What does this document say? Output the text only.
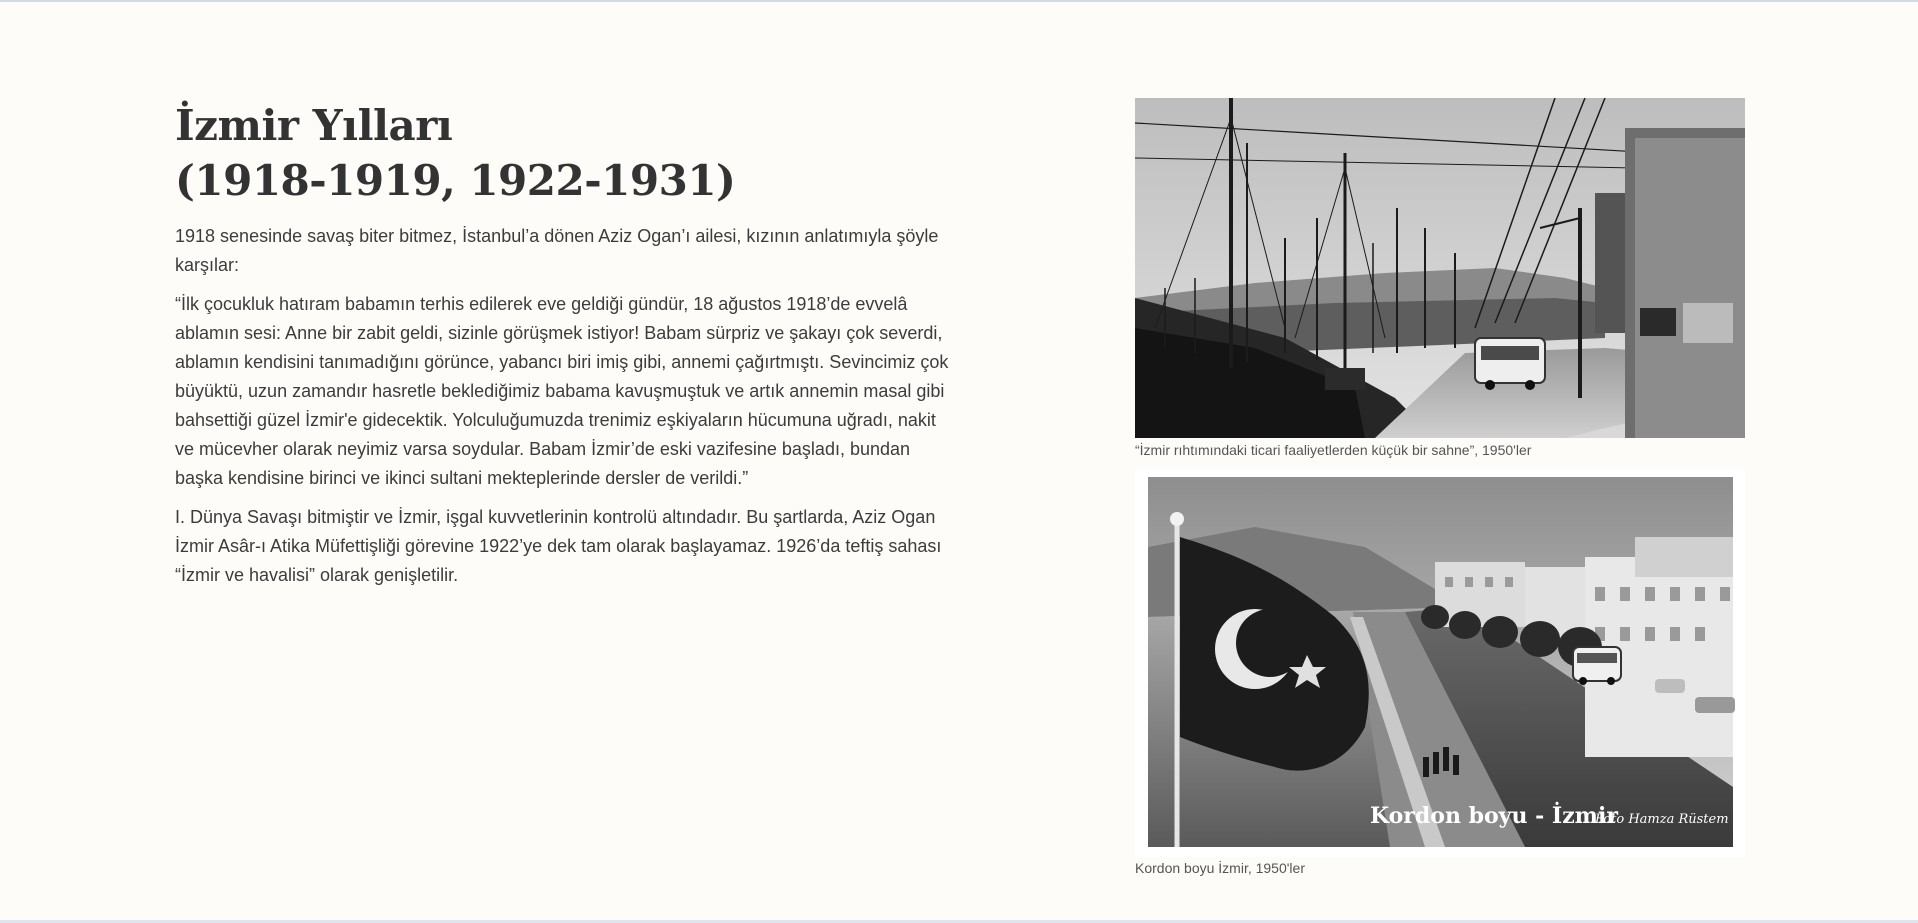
İzmir Yılları
(1918-1919, 1922-1931)

1918 senesinde savaş biter bitmez, İstanbul’a dönen Aziz Ogan’ı ailesi, kızının anlatımıyla şöyle karşılar:

“İlk çocukluk hatıram babamın terhis edilerek eve geldiği gündür, 18 ağustos 1918’de evvelâ ablamın sesi: Anne bir zabit geldi, sizinle görüşmek istiyor! Babam sürpriz ve şakayı çok severdi, ablamın kendisini tanımadığını görünce, yabancı biri imiş gibi, annemi çağırtmıştı. Sevincimiz çok büyüktü, uzun zamandır hasretle beklediğimiz babama kavuşmuştuk ve artık annemin masal gibi bahsettiği güzel İzmir'e gidecektik. Yolculuğumuzda trenimiz eşkiyaların hücumuna uğradı, nakit ve mücevher olarak neyimiz varsa soydular. Babam İzmir’de eski vazifesine başladı, bundan başka kendisine birinci ve ikinci sultani mekteplerinde dersler de verildi.”

I. Dünya Savaşı bitmiştir ve İzmir, işgal kuvvetlerinin kontrolü altındadır. Bu şartlarda, Aziz Ogan İzmir Asâr-ı Atika Müfettişliği görevine 1922’ye dek tam olarak başlayamaz. 1926’da teftiş sahası “İzmir ve havalisi” olarak genişletilir.

“İzmir rıhtımındaki ticari faaliyetlerden küçük bir sahne”, 1950'ler
Kordon boyu - İzmir
Foto Hamza Rüstem
Kordon boyu İzmir, 1950'ler
